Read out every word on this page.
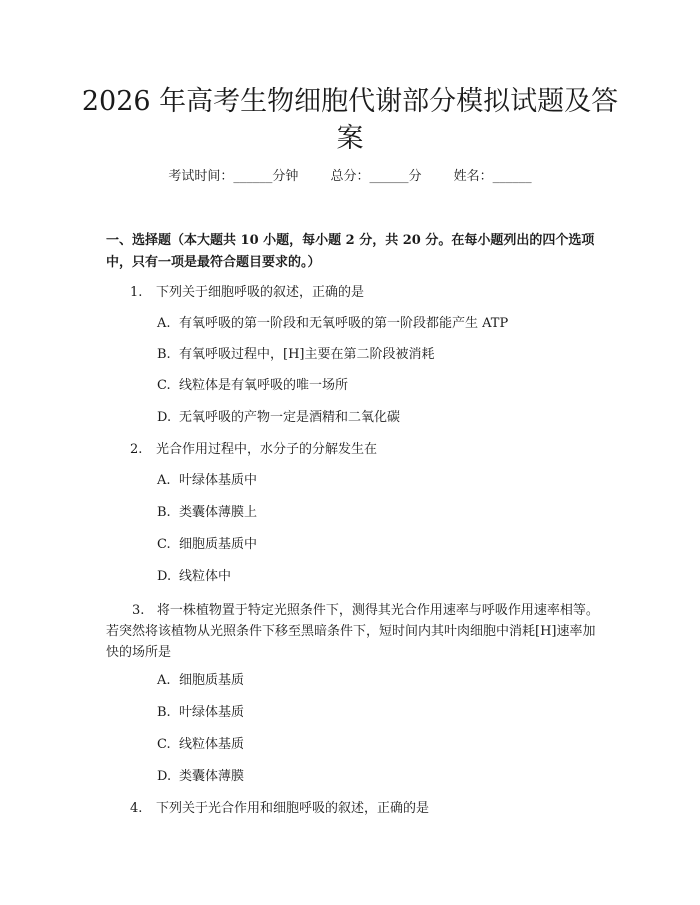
2026 年高考生物细胞代谢部分模拟试题及答
案
考试时间：______分钟 总分：______分 姓名：______

一、选择题（本大题共 10 小题，每小题 2 分，共 20 分。在每小题列出的四个选项中，只有一项是最符合题目要求的。）

1. 下列关于细胞呼吸的叙述，正确的是

A. 有氧呼吸的第一阶段和无氧呼吸的第一阶段都能产生 ATP

B. 有氧呼吸过程中，[H]主要在第二阶段被消耗

C. 线粒体是有氧呼吸的唯一场所

D. 无氧呼吸的产物一定是酒精和二氧化碳

2. 光合作用过程中，水分子的分解发生在

A. 叶绿体基质中

B. 类囊体薄膜上

C. 细胞质基质中

D. 线粒体中

3. 将一株植物置于特定光照条件下，测得其光合作用速率与呼吸作用速率相等。若突然将该植物从光照条件下移至黑暗条件下，短时间内其叶肉细胞中消耗[H]速率加快的场所是

A. 细胞质基质

B. 叶绿体基质

C. 线粒体基质

D. 类囊体薄膜

4. 下列关于光合作用和细胞呼吸的叙述，正确的是
